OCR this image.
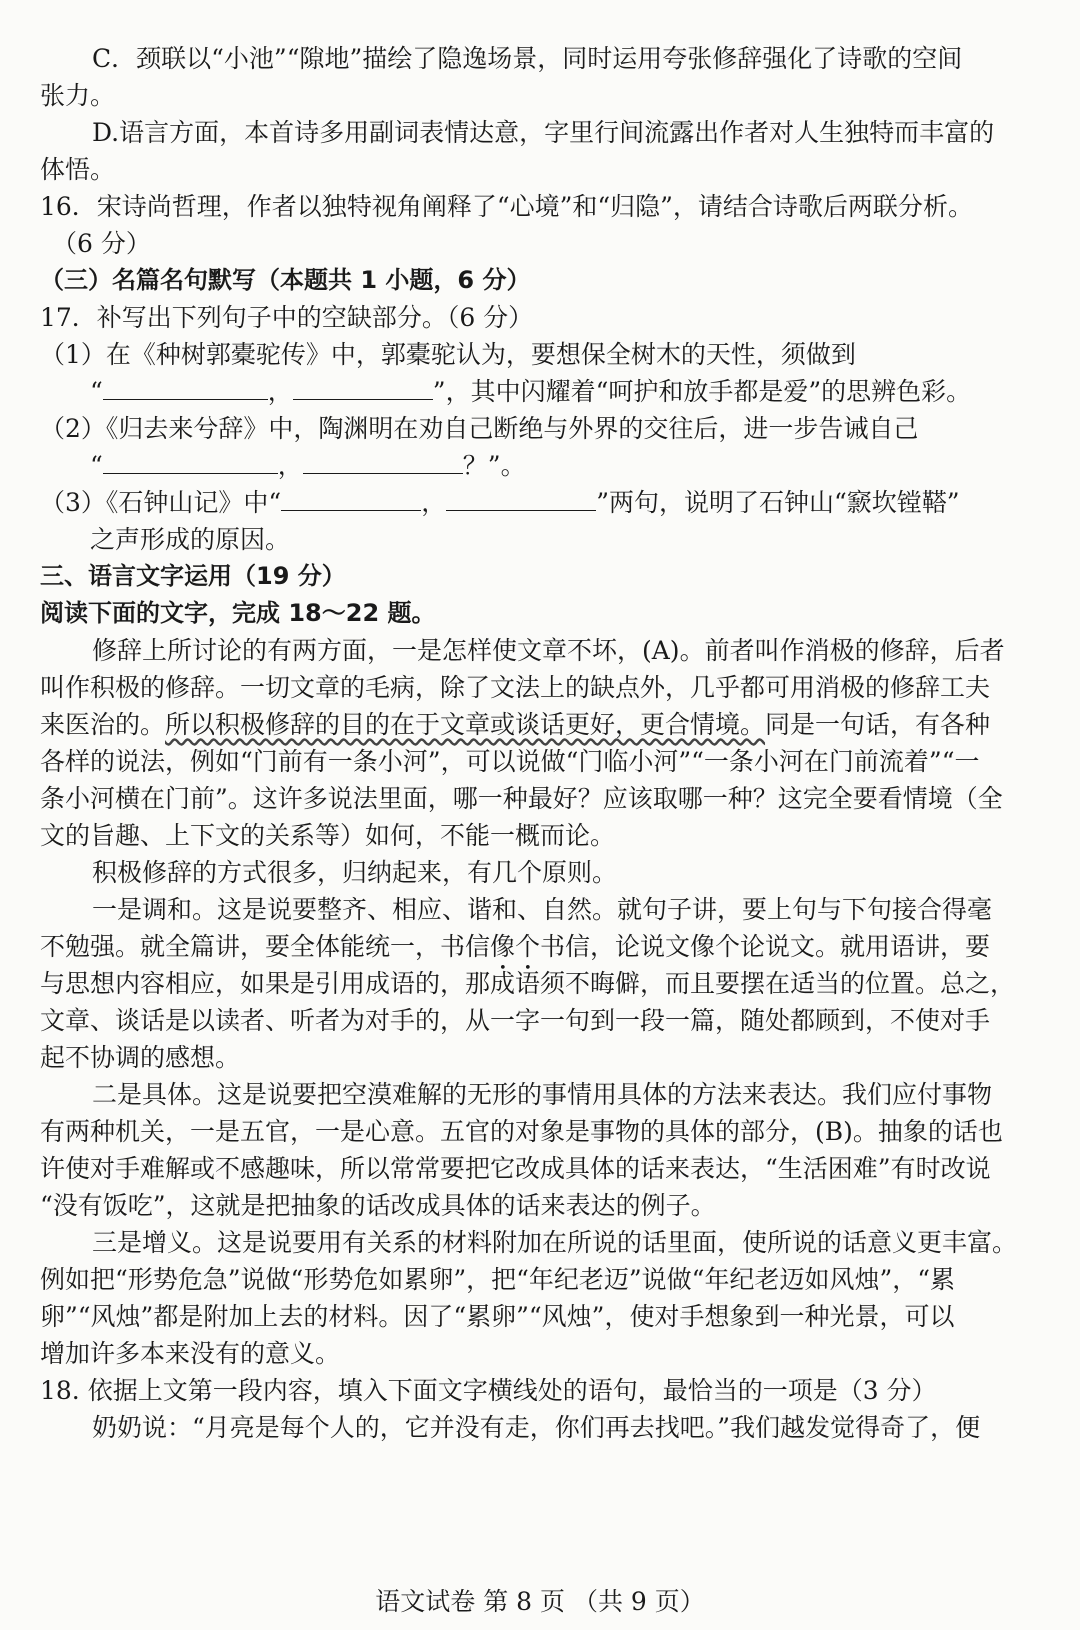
C．颈联以“小池”“隙地”描绘了隐逸场景，同时运用夸张修辞强化了诗歌的空间
张力。
D.语言方面，本首诗多用副词表情达意，字里行间流露出作者对人生独特而丰富的
体悟。
16．宋诗尚哲理，作者以独特视角阐释了“心境”和“归隐”，请结合诗歌后两联分析。
（6 分）
（三）名篇名句默写（本题共 1 小题，6 分）
17．补写出下列句子中的空缺部分。（6 分）
（1）在《种树郭橐驼传》中，郭橐驼认为，要想保全树木的天性，须做到
“	，	”，其中闪耀着“呵护和放手都是爱”的思辨色彩。
（2）《归去来兮辞》中，陶渊明在劝自己断绝与外界的交往后，进一步告诫自己
“	，	？”。
（3）《石钟山记》中“	，	”两句，说明了石钟山“窾坎镗鞳”
之声形成的原因。
三、语言文字运用（19 分）
阅读下面的文字，完成 18～22 题。
修辞上所讨论的有两方面，一是怎样使文章不坏，(A)。前者叫作消极的修辞，后者
叫作积极的修辞。一切文章的毛病，除了文法上的缺点外，几乎都可用消极的修辞工夫
来医治的。所以积极修辞的目的在于文章或谈话更好，更合情境。同是一句话，有各种
各样的说法，例如“门前有一条小河”，可以说做“门临小河”“一条小河在门前流着”“一
条小河横在门前”。这许多说法里面，哪一种最好？应该取哪一种？这完全要看情境（全
文的旨趣、上下文的关系等）如何，不能一概而论。
积极修辞的方式很多，归纳起来，有几个原则。
一是调和。这是说要整齐、相应、谐和、自然。就句子讲，要上句与下句接合得毫
不勉强。就全篇讲，要全体能统一，书信像个书信，论说文像个论说文。就用语讲，要
与思想内容相应，如果是引用成语的，那成语须不晦僻，而且要摆在适当的位置。总之，
文章、谈话是以读者、听者为对手的，从一字一句到一段一篇，随处都顾到，不使对手
起不协调的感想。
二是具体。这是说要把空漠难解的无形的事情用具体的方法来表达。我们应付事物
有两种机关，一是五官，一是心意。五官的对象是事物的具体的部分，(B)。抽象的话也
许使对手难解或不感趣味，所以常常要把它改成具体的话来表达，“生活困难”有时改说
“没有饭吃”，这就是把抽象的话改成具体的话来表达的例子。
三是增义。这是说要用有关系的材料附加在所说的话里面，使所说的话意义更丰富。
例如把“形势危急”说做“形势危如累卵”，把“年纪老迈”说做“年纪老迈如风烛”，“累
卵”“风烛”都是附加上去的材料。因了“累卵”“风烛”，使对手想象到一种光景，可以
增加许多本来没有的意义。
18. 依据上文第一段内容，填入下面文字横线处的语句，最恰当的一项是（3 分）
奶奶说：“月亮是每个人的，它并没有走，你们再去找吧。”我们越发觉得奇了，便
语文试卷 第 8 页 （共 9 页）
